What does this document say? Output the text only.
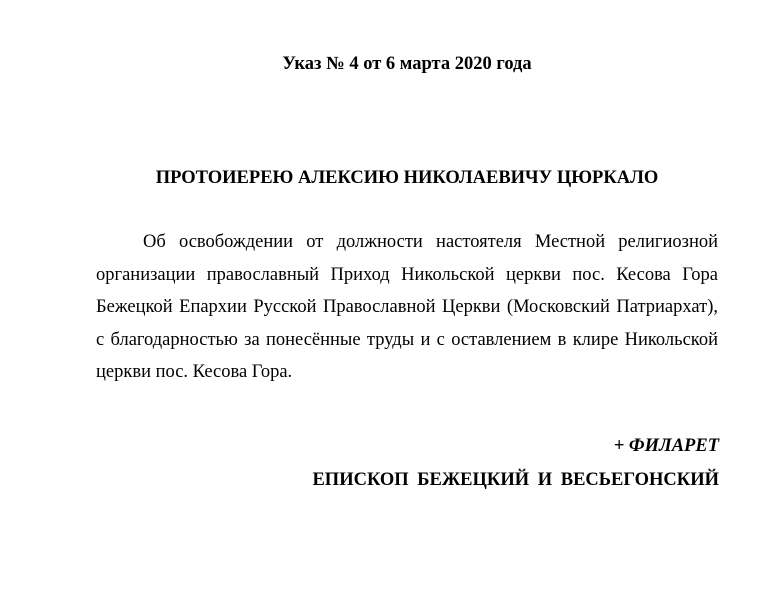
Указ № 4 от 6 марта 2020 года
ПРОТОИЕРЕЮ АЛЕКСИЮ НИКОЛАЕВИЧУ ЦЮРКАЛО
Об освобождении от должности настоятеля Местной религиозной
организации православный Приход Никольской церкви пос. Кесова Гора
Бежецкой Епархии Русской Православной Церкви (Московский Патриархат),
с благодарностью за понесённые труды и с оставлением в клире Никольской
церкви пос. Кесова Гора.
+ ФИЛАРЕТ
ЕПИСКОП БЕЖЕЦКИЙ И ВЕСЬЕГОНСКИЙ
